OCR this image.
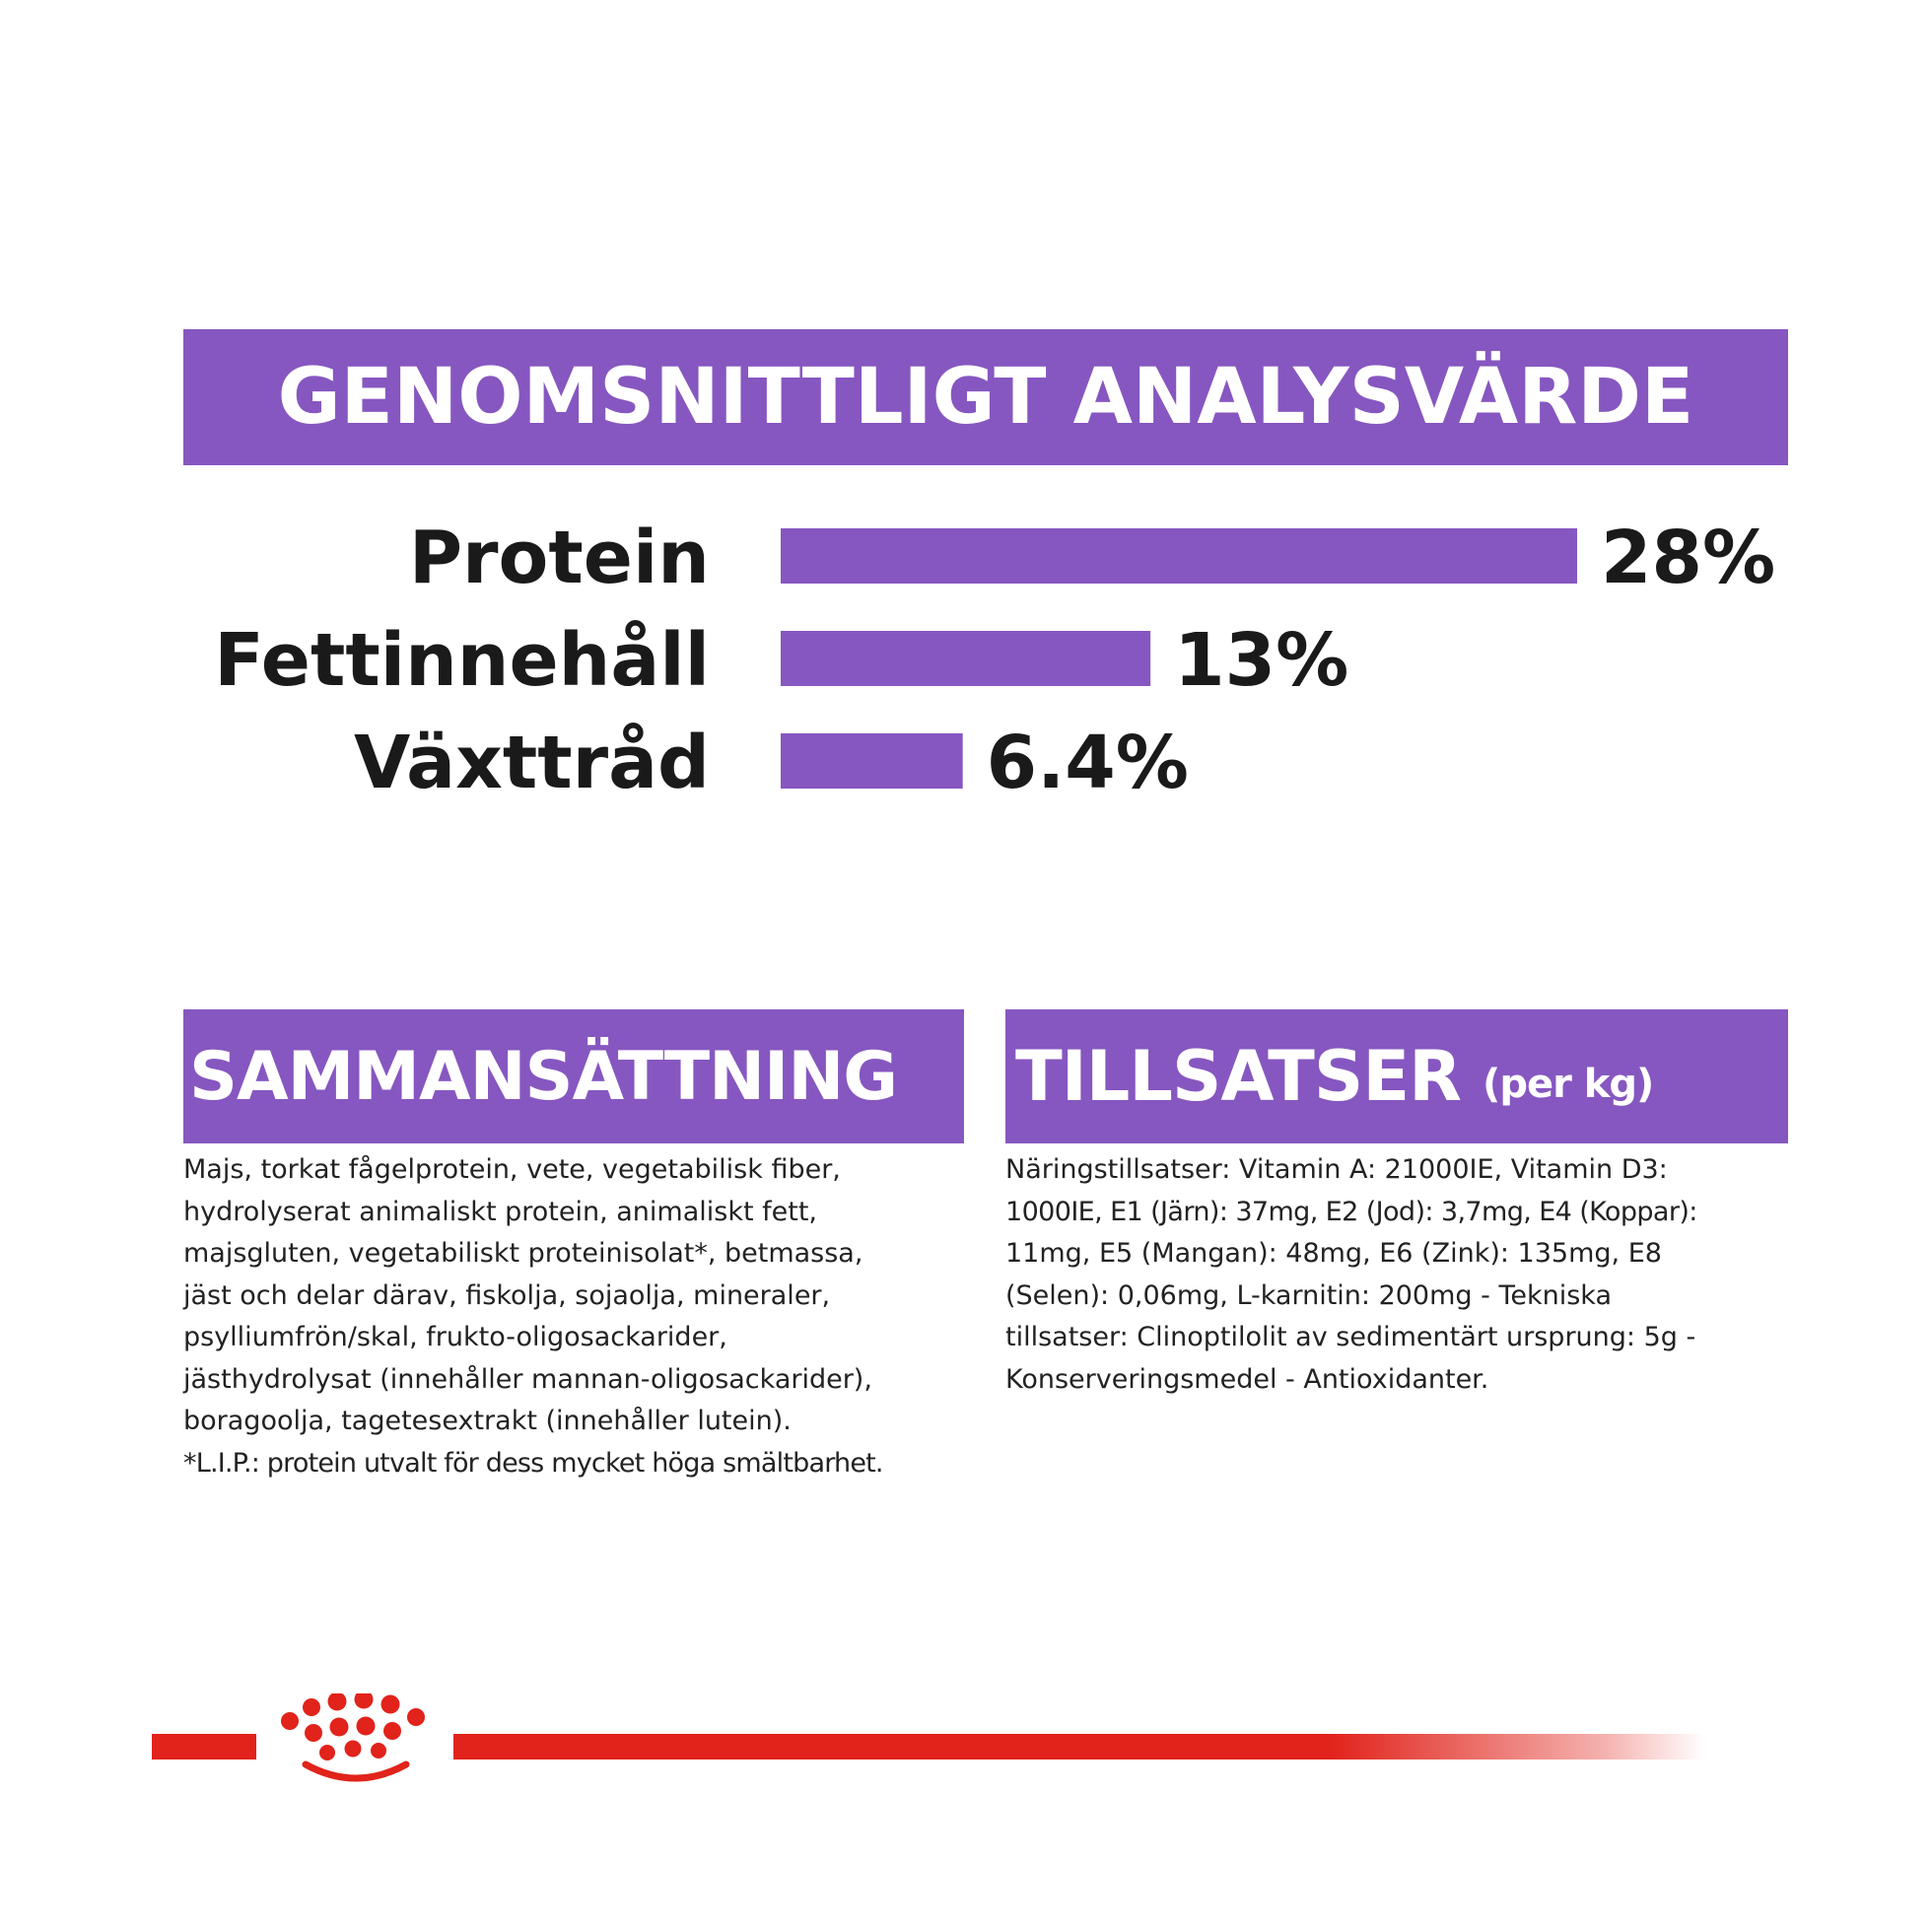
GENOMSNITTLIGT ANALYSVÄRDE
Protein	28%
Fettinnehåll	13%
Växttråd	6.4%
SAMMANSÄTTNING TILLSATSER (per kg)
Majs, torkat fågelprotein, vete, vegetabilisk fiber,
hydrolyserat animaliskt protein, animaliskt fett,
majsgluten, vegetabiliskt proteinisolat*, betmassa,
jäst och delar därav, fiskolja, sojaolja, mineraler,
psylliumfrön/skal, frukto-oligosackarider,
jästhydrolysat (innehåller mannan-oligosackarider),
boragoolja, tagetesextrakt (innehåller lutein).
*L.I.P.: protein utvalt för dess mycket höga smältbarhet.
Näringstillsatser: Vitamin A: 21000IE, Vitamin D3:
1000IE, E1 (Järn): 37mg, E2 (Jod): 3,7mg, E4 (Koppar):
11mg, E5 (Mangan): 48mg, E6 (Zink): 135mg, E8
(Selen): 0,06mg, L-karnitin: 200mg - Tekniska
tillsatser: Clinoptilolit av sedimentärt ursprung: 5g -
Konserveringsmedel - Antioxidanter.
